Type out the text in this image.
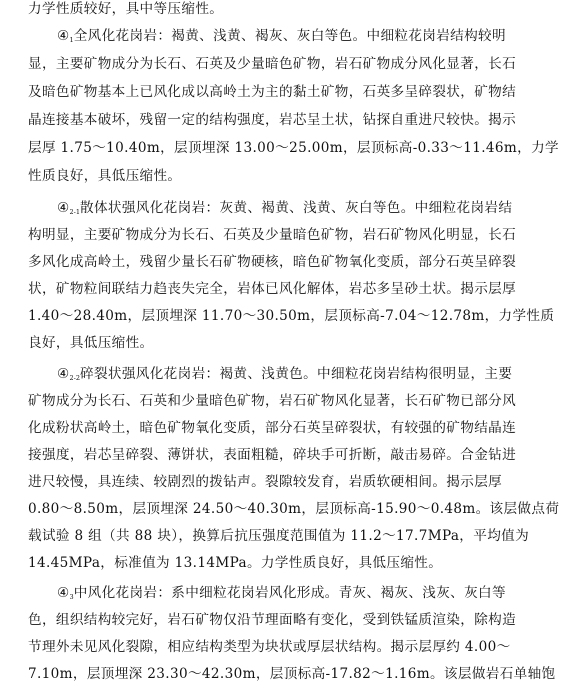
力学性质较好，具中等压缩性。
④1全风化花岗岩：褐黄、浅黄、褐灰、灰白等色。中细粒花岗岩结构较明
显，主要矿物成分为长石、石英及少量暗色矿物，岩石矿物成分风化显著，长石
及暗色矿物基本上已风化成以高岭土为主的黏土矿物，石英多呈碎裂状，矿物结
晶连接基本破坏，残留一定的结构强度，岩芯呈土状，钻探自重进尺较快。揭示
层厚 1.75～10.40m，层顶埋深 13.00～25.00m，层顶标高-0.33～11.46m，力学
性质良好，具低压缩性。
④2-1散体状强风化花岗岩：灰黄、褐黄、浅黄、灰白等色。中细粒花岗岩结
构明显，主要矿物成分为长石、石英及少量暗色矿物，岩石矿物风化明显，长石
多风化成高岭土，残留少量长石矿物硬核，暗色矿物氧化变质，部分石英呈碎裂
状，矿物粒间联结力趋丧失完全，岩体已风化解体，岩芯多呈砂土状。揭示层厚
1.40～28.40m，层顶埋深 11.70～30.50m，层顶标高-7.04～12.78m，力学性质
良好，具低压缩性。
④2-2碎裂状强风化花岗岩：褐黄、浅黄色。中细粒花岗岩结构很明显，主要
矿物成分为长石、石英和少量暗色矿物，岩石矿物风化显著，长石矿物已部分风
化成粉状高岭土，暗色矿物氧化变质，部分石英呈碎裂状，有较强的矿物结晶连
接强度，岩芯呈碎裂、薄饼状，表面粗糙，碎块手可折断，敲击易碎。合金钻进
进尺较慢，具连续、较剧烈的拨钻声。裂隙较发育，岩质软硬相间。揭示层厚
0.80～8.50m，层顶埋深 24.50～40.30m，层顶标高-15.90～0.48m。该层做点荷
载试验 8 组（共 88 块），换算后抗压强度范围值为 11.2～17.7MPa，平均值为
14.45MPa，标准值为 13.14MPa。力学性质良好，具低压缩性。
④3中风化花岗岩：系中细粒花岗岩风化形成。青灰、褐灰、浅灰、灰白等
色，组织结构较完好，岩石矿物仅沿节理面略有变化，受到铁锰质渲染，除构造
节理外未见风化裂隙，相应结构类型为块状或厚层状结构。揭示层厚约 4.00～
7.10m，层顶埋深 23.30～42.30m，层顶标高-17.82～1.16m。该层做岩石单轴饱
